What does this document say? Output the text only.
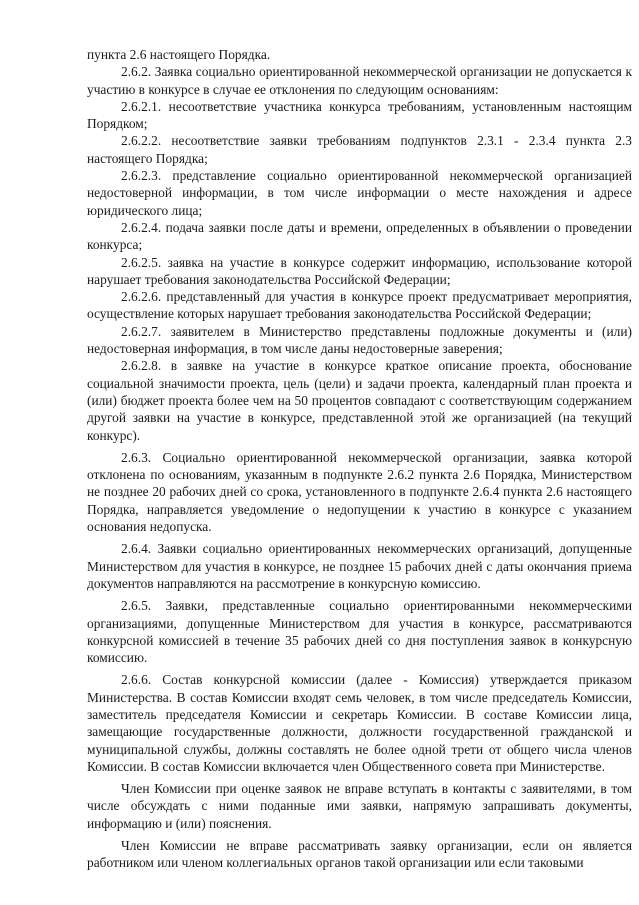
пункта 2.6 настоящего Порядка.

2.6.2. Заявка социально ориентированной некоммерческой организации не допускается к участию в конкурсе в случае ее отклонения по следующим основаниям:

2.6.2.1. несоответствие участника конкурса требованиям, установленным настоящим Порядком;

2.6.2.2. несоответствие заявки требованиям подпунктов 2.3.1 - 2.3.4 пункта 2.3 настоящего Порядка;

2.6.2.3. представление социально ориентированной некоммерческой организацией недостоверной информации, в том числе информации о месте нахождения и адресе юридического лица;

2.6.2.4. подача заявки после даты и времени, определенных в объявлении о проведении конкурса;

2.6.2.5. заявка на участие в конкурсе содержит информацию, использование которой нарушает требования законодательства Российской Федерации;

2.6.2.6. представленный для участия в конкурсе проект предусматривает мероприятия, осуществление которых нарушает требования законодательства Российской Федерации;

2.6.2.7. заявителем в Министерство представлены подложные документы и (или) недостоверная информация, в том числе даны недостоверные заверения;

2.6.2.8. в заявке на участие в конкурсе краткое описание проекта, обоснование социальной значимости проекта, цель (цели) и задачи проекта, календарный план проекта и (или) бюджет проекта более чем на 50 процентов совпадают с соответствующим содержанием другой заявки на участие в конкурсе, представленной этой же организацией (на текущий конкурс).

2.6.3. Социально ориентированной некоммерческой организации, заявка которой отклонена по основаниям, указанным в подпункте 2.6.2 пункта 2.6 Порядка, Министерством не позднее 20 рабочих дней со срока, установленного в подпункте 2.6.4 пункта 2.6 настоящего Порядка, направляется уведомление о недопущении к участию в конкурсе с указанием основания недопуска.

2.6.4. Заявки социально ориентированных некоммерческих организаций, допущенные Министерством для участия в конкурсе, не позднее 15 рабочих дней с даты окончания приема документов направляются на рассмотрение в конкурсную комиссию.

2.6.5. Заявки, представленные социально ориентированными некоммерческими организациями, допущенные Министерством для участия в конкурсе, рассматриваются конкурсной комиссией в течение 35 рабочих дней со дня поступления заявок в конкурсную комиссию.

2.6.6. Состав конкурсной комиссии (далее - Комиссия) утверждается приказом Министерства. В состав Комиссии входят семь человек, в том числе председатель Комиссии, заместитель председателя Комиссии и секретарь Комиссии. В составе Комиссии лица, замещающие государственные должности, должности государственной гражданской и муниципальной службы, должны составлять не более одной трети от общего числа членов Комиссии. В состав Комиссии включается член Общественного совета при Министерстве.

Член Комиссии при оценке заявок не вправе вступать в контакты с заявителями, в том числе обсуждать с ними поданные ими заявки, напрямую запрашивать документы, информацию и (или) пояснения.

Член Комиссии не вправе рассматривать заявку организации, если он является работником или членом коллегиальных органов такой организации или если таковыми
